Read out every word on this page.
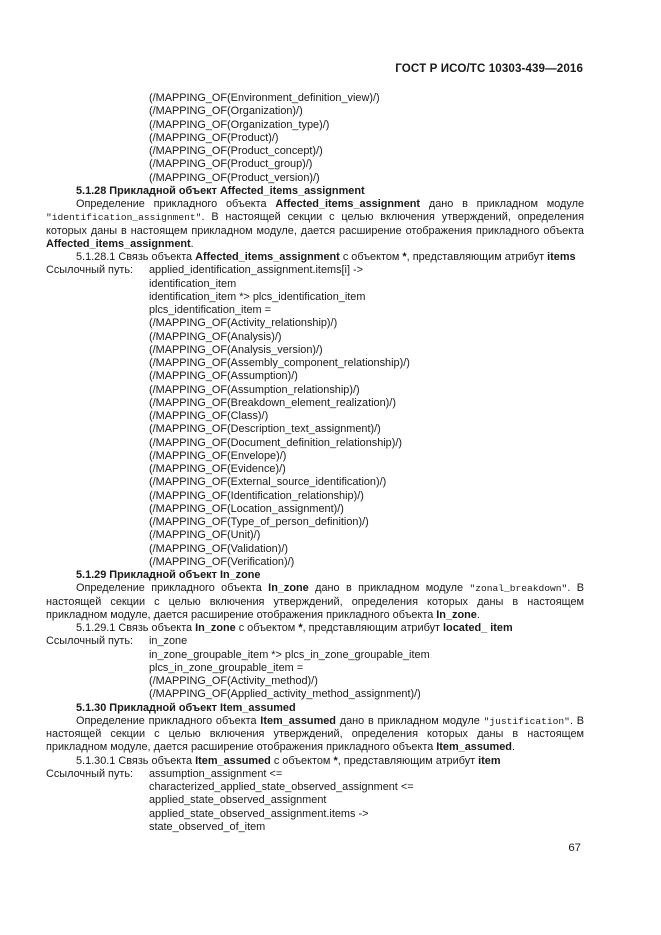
ГОСТ Р ИСО/ТС 10303-439—2016
(/MAPPING_OF(Environment_definition_view)/)
(/MAPPING_OF(Organization)/)
(/MAPPING_OF(Organization_type)/)
(/MAPPING_OF(Product)/)
(/MAPPING_OF(Product_concept)/)
(/MAPPING_OF(Product_group)/)
(/MAPPING_OF(Product_version)/)
5.1.28 Прикладной объект Affected_items_assignment

Определение прикладного объекта Affected_items_assignment дано в прикладном модуле "identification_assignment". В настоящей секции с целью включения утверждений, определения которых даны в настоящем прикладном модуле, дается расширение отображения прикладного объекта Affected_items_assignment.

5.1.28.1 Связь объекта Affected_items_assignment с объектом *, представляющим атрибут items
Ссылочный путь:	applied_identification_assignment.items[i] ->
identification_item
identification_item *> plcs_identification_item
plcs_identification_item =
(/MAPPING_OF(Activity_relationship)/)
(/MAPPING_OF(Analysis)/)
(/MAPPING_OF(Analysis_version)/)
(/MAPPING_OF(Assembly_component_relationship)/)
(/MAPPING_OF(Assumption)/)
(/MAPPING_OF(Assumption_relationship)/)
(/MAPPING_OF(Breakdown_element_realization)/)
(/MAPPING_OF(Class)/)
(/MAPPING_OF(Description_text_assignment)/)
(/MAPPING_OF(Document_definition_relationship)/)
(/MAPPING_OF(Envelope)/)
(/MAPPING_OF(Evidence)/)
(/MAPPING_OF(External_source_identification)/)
(/MAPPING_OF(Identification_relationship)/)
(/MAPPING_OF(Location_assignment)/)
(/MAPPING_OF(Type_of_person_definition)/)
(/MAPPING_OF(Unit)/)
(/MAPPING_OF(Validation)/)
(/MAPPING_OF(Verification)/)
5.1.29 Прикладной объект In_zone

Определение прикладного объекта In_zone дано в прикладном модуле "zonal_breakdown". В настоящей секции с целью включения утверждений, определения которых даны в настоящем прикладном модуле, дается расширение отображения прикладного объекта In_zone.

5.1.29.1 Связь объекта In_zone с объектом *, представляющим атрибут located_ item
Ссылочный путь:	in_zone
in_zone_groupable_item *> plcs_in_zone_groupable_item
plcs_in_zone_groupable_item =
(/MAPPING_OF(Activity_method)/)
(/MAPPING_OF(Applied_activity_method_assignment)/)
5.1.30 Прикладной объект Item_assumed

Определение прикладного объекта Item_assumed дано в прикладном модуле "justification". В настоящей секции с целью включения утверждений, определения которых даны в настоящем прикладном модуле, дается расширение отображения прикладного объекта Item_assumed.

5.1.30.1 Связь объекта Item_assumed с объектом *, представляющим атрибут item
Ссылочный путь:	assumption_assignment <=
characterized_applied_state_observed_assignment <=
applied_state_observed_assignment
applied_state_observed_assignment.items ->
state_observed_of_item
67
